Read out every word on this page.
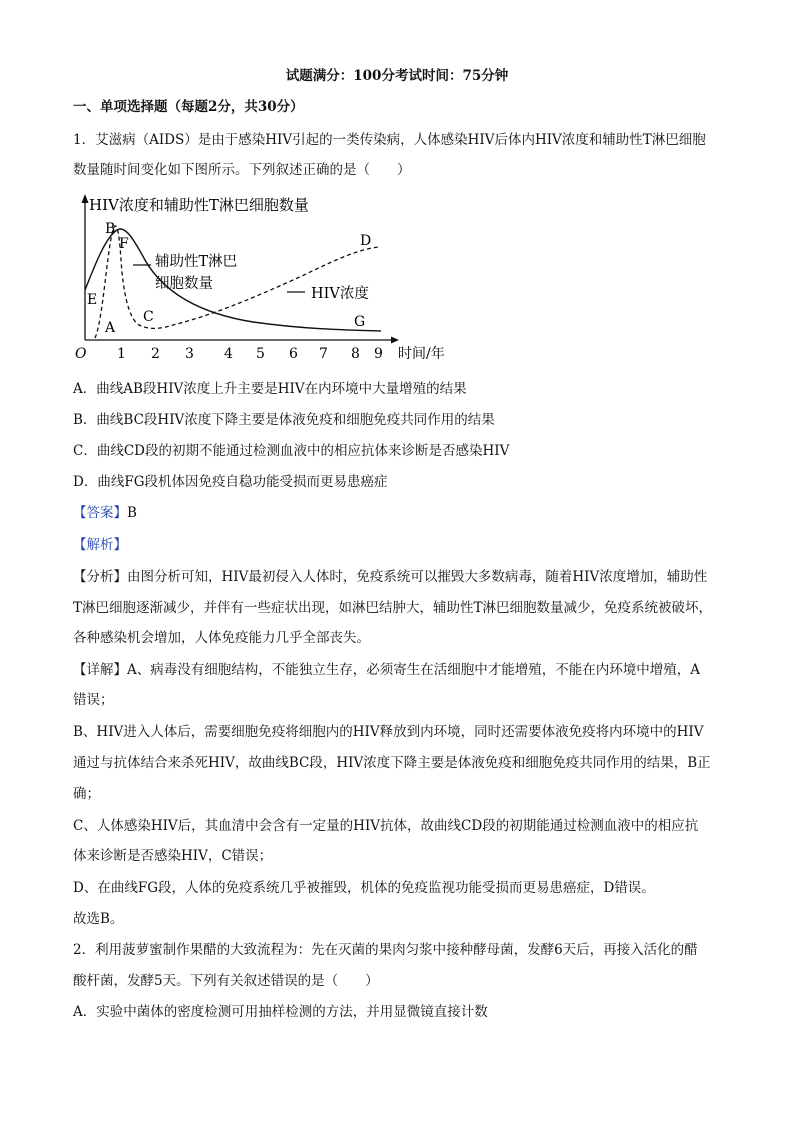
试题满分：100分考试时间：75分钟
一、单项选择题（每题2分，共30分）
1．艾滋病（AIDS）是由于感染HIV引起的一类传染病，人体感染HIV后体内HIV浓度和辅助性T淋巴细胞
数量随时间变化如下图所示。下列叙述正确的是（　　）
HIV浓度和辅助性T淋巴细胞数量
时间/年
O 1 2 3 4 5 6 7 8 9
A
B
C
D
E
F
G
辅助性T淋巴
细胞数量
HIV浓度
A．曲线AB段HIV浓度上升主要是HIV在内环境中大量增殖的结果
B．曲线BC段HIV浓度下降主要是体液免疫和细胞免疫共同作用的结果
C．曲线CD段的初期不能通过检测血液中的相应抗体来诊断是否感染HIV
D．曲线FG段机体因免疫自稳功能受损而更易患癌症
【答案】B
【解析】
【分析】由图分析可知，HIV最初侵入人体时，免疫系统可以摧毁大多数病毒，随着HIV浓度增加，辅助性
T淋巴细胞逐渐减少，并伴有一些症状出现，如淋巴结肿大，辅助性T淋巴细胞数量减少，免疫系统被破坏，
各种感染机会增加，人体免疫能力几乎全部丧失。
【详解】A、病毒没有细胞结构，不能独立生存，必须寄生在活细胞中才能增殖，不能在内环境中增殖，A
错误；
B、HIV进入人体后，需要细胞免疫将细胞内的HIV释放到内环境，同时还需要体液免疫将内环境中的HIV
通过与抗体结合来杀死HIV，故曲线BC段，HIV浓度下降主要是体液免疫和细胞免疫共同作用的结果，B正
确；
C、人体感染HIV后，其血清中会含有一定量的HIV抗体，故曲线CD段的初期能通过检测血液中的相应抗
体来诊断是否感染HIV，C错误；
D、在曲线FG段，人体的免疫系统几乎被摧毁，机体的免疫监视功能受损而更易患癌症，D错误。
故选B。
2．利用菠萝蜜制作果醋的大致流程为：先在灭菌的果肉匀浆中接种酵母菌，发酵6天后，再接入活化的醋
酸杆菌，发酵5天。下列有关叙述错误的是（　　）
A．实验中菌体的密度检测可用抽样检测的方法，并用显微镜直接计数
